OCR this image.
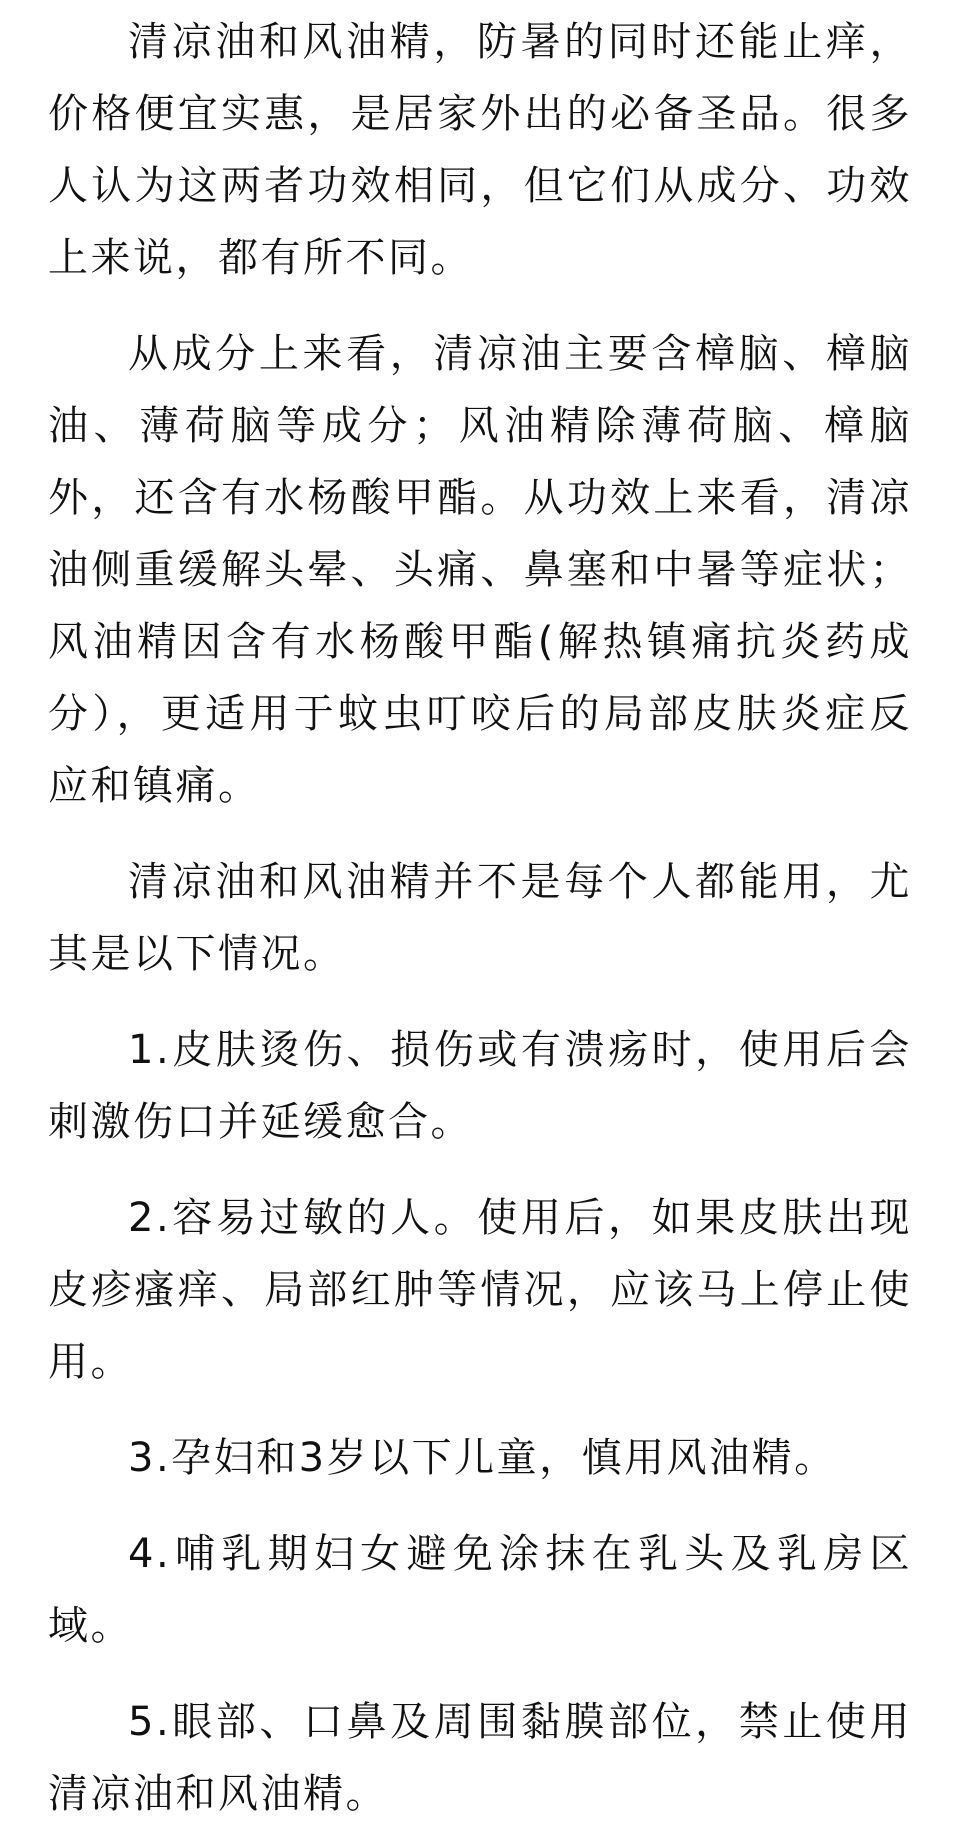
清凉油和风油精，防暑的同时还能止痒，价格便宜实惠，是居家外出的必备圣品。很多人认为这两者功效相同，但它们从成分、功效上来说，都有所不同。

从成分上来看，清凉油主要含樟脑、樟脑油、薄荷脑等成分；风油精除薄荷脑、樟脑外，还含有水杨酸甲酯。从功效上来看，清凉油侧重缓解头晕、头痛、鼻塞和中暑等症状；风油精因含有水杨酸甲酯(解热镇痛抗炎药成分），更适用于蚊虫叮咬后的局部皮肤炎症反应和镇痛。

清凉油和风油精并不是每个人都能用，尤其是以下情况。

1.皮肤烫伤、损伤或有溃疡时，使用后会刺激伤口并延缓愈合。

2.容易过敏的人。使用后，如果皮肤出现皮疹瘙痒、局部红肿等情况，应该马上停止使用。

3.孕妇和3岁以下儿童，慎用风油精。

4.哺乳期妇女避免涂抹在乳头及乳房区域。

5.眼部、口鼻及周围黏膜部位，禁止使用清凉油和风油精。
